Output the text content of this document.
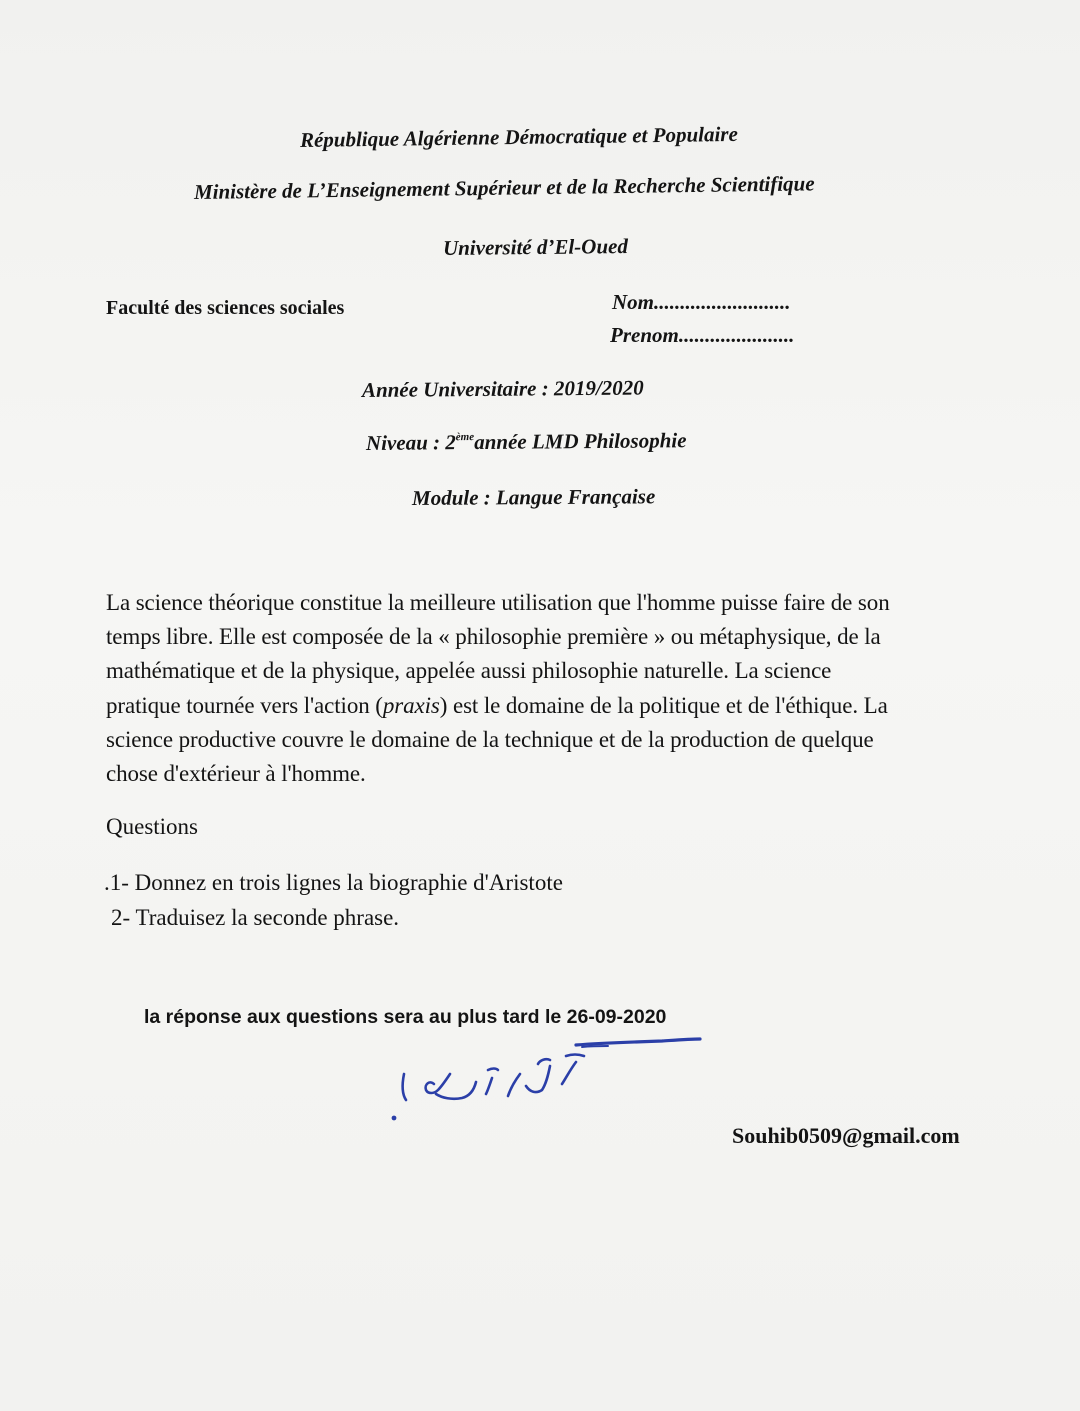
République Algérienne Démocratique et Populaire
Ministère de L’Enseignement Supérieur et de la Recherche Scientifique
Université d’El-Oued
Faculté des sciences sociales	Nom..........................
Prenom......................
Année Universitaire : 2019/2020
Niveau : 2èmeannée LMD Philosophie
Module : Langue Française
La science théorique constitue la meilleure utilisation que l'homme puisse faire de son
temps libre. Elle est composée de la « philosophie première » ou métaphysique, de la
mathématique et de la physique, appelée aussi philosophie naturelle. La science
pratique tournée vers l'action (praxis) est le domaine de la politique et de l'éthique. La
science productive couvre le domaine de la technique et de la production de quelque
chose d'extérieur à l'homme.
Questions
.1- Donnez en trois lignes la biographie d'Aristote
2- Traduisez la seconde phrase.
la réponse aux questions sera au plus tard le 26-09-2020
Souhib0509@gmail.com
